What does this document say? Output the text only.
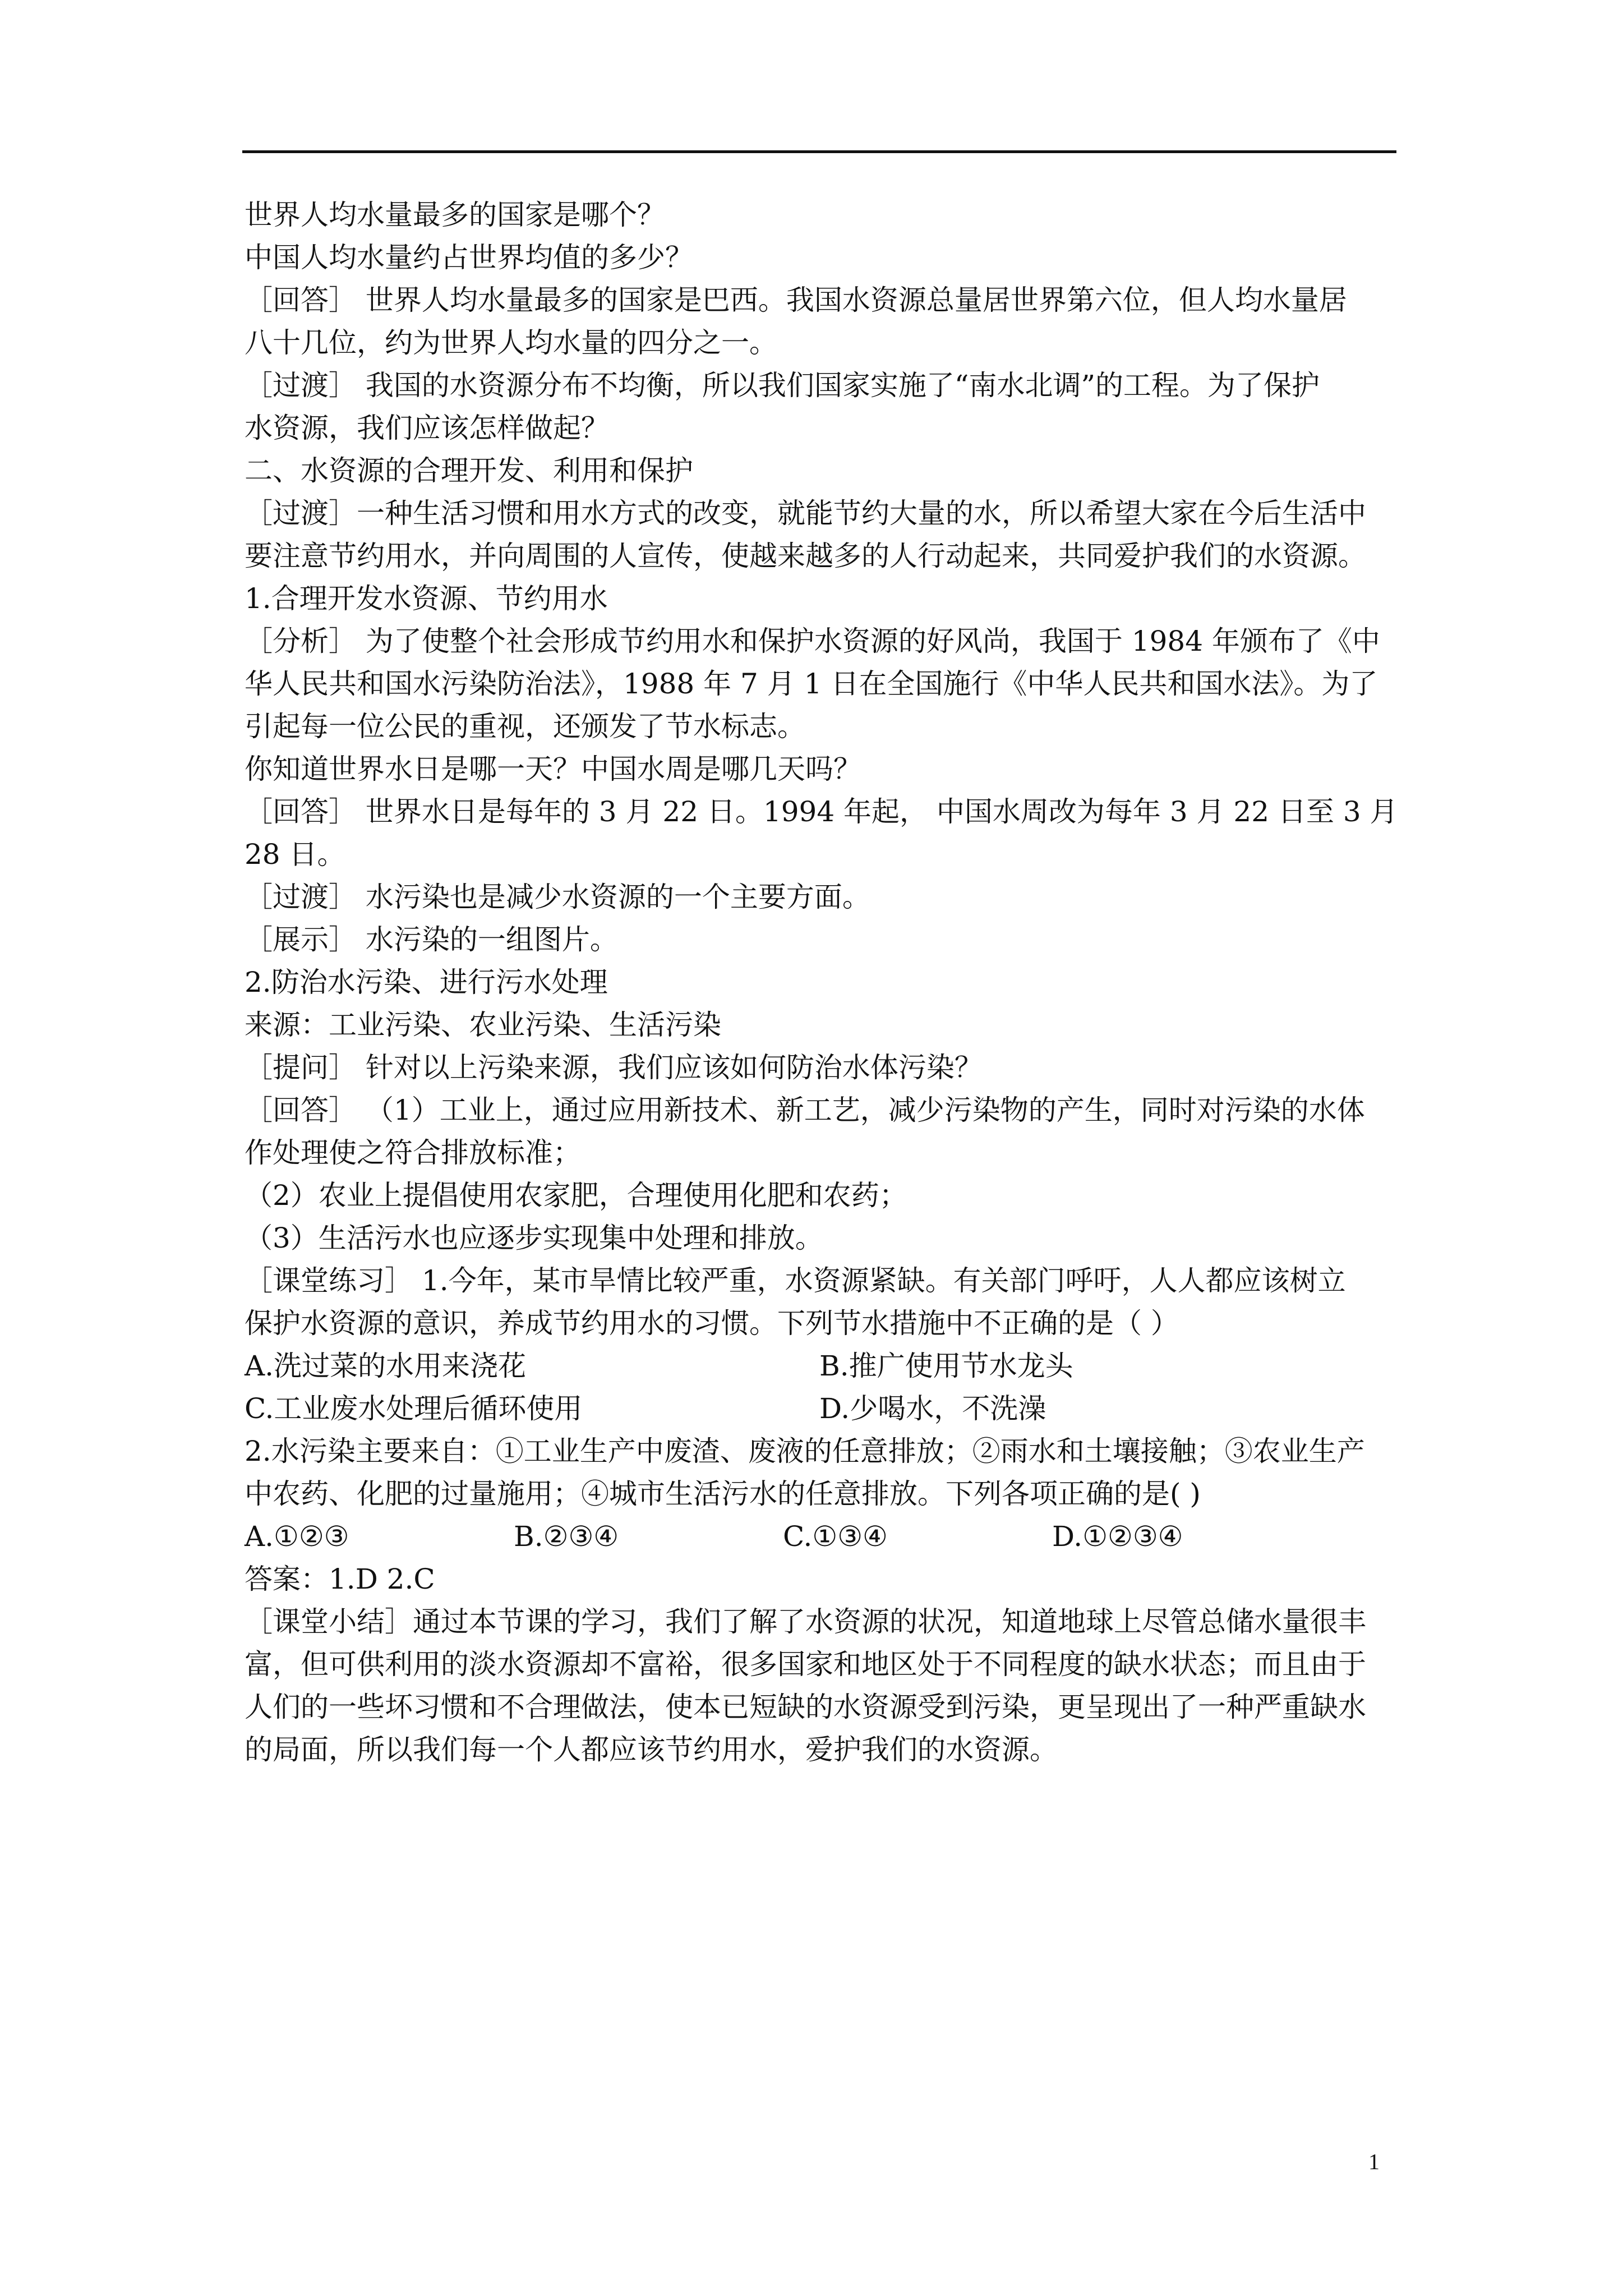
世界人均水量最多的国家是哪个？
中国人均水量约占世界均值的多少？
［回答］ 世界人均水量最多的国家是巴西。我国水资源总量居世界第六位，但人均水量居
八十几位，约为世界人均水量的四分之一。
［过渡］ 我国的水资源分布不均衡，所以我们国家实施了“南水北调”的工程。为了保护
水资源，我们应该怎样做起？
二、水资源的合理开发、利用和保护
［过渡］一种生活习惯和用水方式的改变，就能节约大量的水，所以希望大家在今后生活中
要注意节约用水，并向周围的人宣传，使越来越多的人行动起来，共同爱护我们的水资源。
1.合理开发水资源、节约用水
［分析］ 为了使整个社会形成节约用水和保护水资源的好风尚，我国于 1984 年颁布了《中
华人民共和国水污染防治法》，1988 年 7 月 1 日在全国施行《中华人民共和国水法》。为了
引起每一位公民的重视，还颁发了节水标志。
你知道世界水日是哪一天？中国水周是哪几天吗？
［回答］ 世界水日是每年的 3 月 22 日。1994 年起， 中国水周改为每年 3 月 22 日至 3 月
28 日。
［过渡］ 水污染也是减少水资源的一个主要方面。
［展示］ 水污染的一组图片。
2.防治水污染、进行污水处理
来源：工业污染、农业污染、生活污染
［提问］ 针对以上污染来源，我们应该如何防治水体污染？
［回答］ （1）工业上，通过应用新技术、新工艺，减少污染物的产生，同时对污染的水体
作处理使之符合排放标准；
（2）农业上提倡使用农家肥，合理使用化肥和农药；
（3）生活污水也应逐步实现集中处理和排放。
［课堂练习］ 1.今年，某市旱情比较严重，水资源紧缺。有关部门呼吁，人人都应该树立
保护水资源的意识，养成节约用水的习惯。下列节水措施中不正确的是（ ）
A.洗过菜的水用来浇花	B.推广使用节水龙头
C.工业废水处理后循环使用	D.少喝水，不洗澡
2.水污染主要来自：①工业生产中废渣、废液的任意排放；②雨水和土壤接触；③农业生产
中农药、化肥的过量施用；④城市生活污水的任意排放。下列各项正确的是( )
A.①②③	B.②③④	C.①③④	D.①②③④
答案：1.D 2.C
［课堂小结］通过本节课的学习，我们了解了水资源的状况，知道地球上尽管总储水量很丰
富，但可供利用的淡水资源却不富裕，很多国家和地区处于不同程度的缺水状态；而且由于
人们的一些坏习惯和不合理做法，使本已短缺的水资源受到污染，更呈现出了一种严重缺水
的局面，所以我们每一个人都应该节约用水，爱护我们的水资源。
1
